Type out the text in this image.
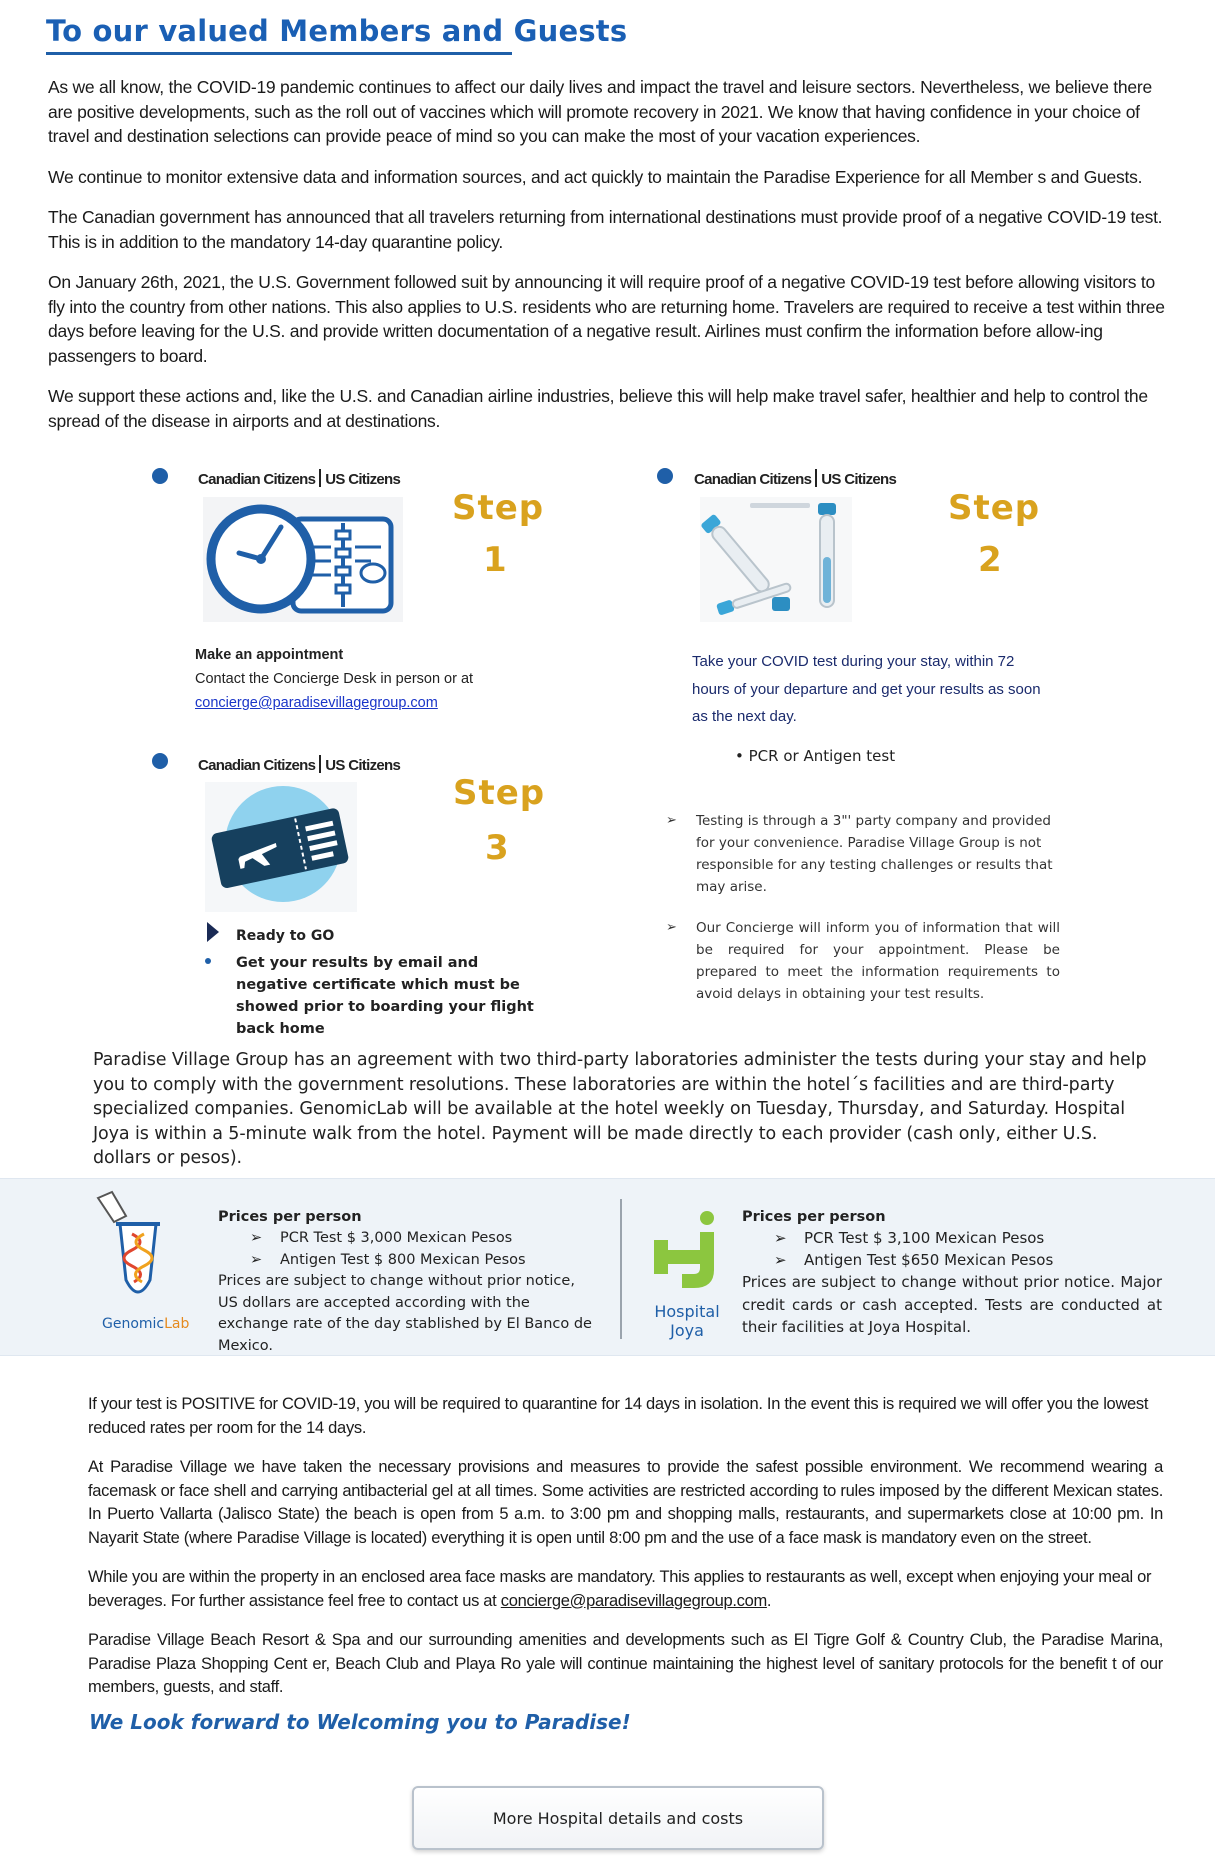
To our valued Members and Guests

As we all know, the COVID-19 pandemic continues to affect our daily lives and impact the travel and leisure sectors. Nevertheless, we believe there are positive developments, such as the roll out of vaccines which will promote recovery in 2021. We know that having confidence in your choice of travel and destination selections can provide peace of mind so you can make the most of your vacation experiences.

We continue to monitor extensive data and information sources, and act quickly to maintain the Paradise Experience for all Member s and Guests.

The Canadian government has announced that all travelers returning from international destinations must provide proof of a negative COVID-19 test. This is in addition to the mandatory 14-day quarantine policy.

On January 26th, 2021, the U.S. Government followed suit by announcing it will require proof of a negative COVID-19 test before allowing visitors to fly into the country from other nations. This also applies to U.S. residents who are returning home. Travelers are required to receive a test within three days before leaving for the U.S. and provide written documentation of a negative result. Airlines must confirm the information before allow-ing passengers to board.

We support these actions and, like the U.S. and Canadian airline industries, believe this will help make travel safer, healthier and help to control the spread of the disease in airports and at destinations.

Canadian Citizens US Citizens
Step
1
Make an appointment
Contact the Concierge Desk in person or at
concierge@paradisevillagegroup.com
Canadian Citizens US Citizens
Step
2
Take your COVID test during your stay, within 72 hours of your departure and get your results as soon as the next day.
• PCR or Antigen test
➢ Testing is through a 3"' party company and provided for your convenience. Paradise Village Group is not responsible for any testing challenges or results that may arise.
➢ Our Concierge will inform you of information that will be required for your appointment. Please be prepared to meet the information requirements to avoid delays in obtaining your test results.
Canadian Citizens US Citizens
Step
3
Ready to GO
Get your results by email and negative certificate which must be showed prior to boarding your flight back home
Paradise Village Group has an agreement with two third-party laboratories administer the tests during your stay and help you to comply with the government resolutions. These laboratories are within the hotel´s facilities and are third-party specialized companies. GenomicLab will be available at the hotel weekly on Tuesday, Thursday, and Saturday. Hospital Joya is within a 5-minute walk from the hotel. Payment will be made directly to each provider (cash only, either U.S. dollars or pesos).
GenomicLab
Prices per person
➢ PCR Test $ 3,000 Mexican Pesos
➢ Antigen Test $ 800 Mexican Pesos
Prices are subject to change without prior notice, US dollars are accepted according with the exchange rate of the day stablished by El Banco de Mexico.
Hospital
Joya
Prices per person
➢ PCR Test $ 3,100 Mexican Pesos
➢ Antigen Test $650 Mexican Pesos
Prices are subject to change without prior notice. Major credit cards or cash accepted. Tests are conducted at their facilities at Joya Hospital.

If your test is POSITIVE for COVID-19, you will be required to quarantine for 14 days in isolation. In the event this is required we will offer you the lowest reduced rates per room for the 14 days.

At Paradise Village we have taken the necessary provisions and measures to provide the safest possible environment. We recommend wearing a facemask or face shell and carrying antibacterial gel at all times. Some activities are restricted according to rules imposed by the different Mexican states. In Puerto Vallarta (Jalisco State) the beach is open from 5 a.m. to 3:00 pm and shopping malls, restaurants, and supermarkets close at 10:00 pm. In Nayarit State (where Paradise Village is located) everything it is open until 8:00 pm and the use of a face mask is mandatory even on the street.

While you are within the property in an enclosed area face masks are mandatory. This applies to restaurants as well, except when enjoying your meal or beverages. For further assistance feel free to contact us at concierge@paradisevillagegroup.com.

Paradise Village Beach Resort & Spa and our surrounding amenities and developments such as El Tigre Golf & Country Club, the Paradise Marina, Paradise Plaza Shopping Cent er, Beach Club and Playa Ro yale will continue maintaining the highest level of sanitary protocols for the benefit t of our members, guests, and staff.

We Look forward to Welcoming you to Paradise!
More Hospital details and costs
